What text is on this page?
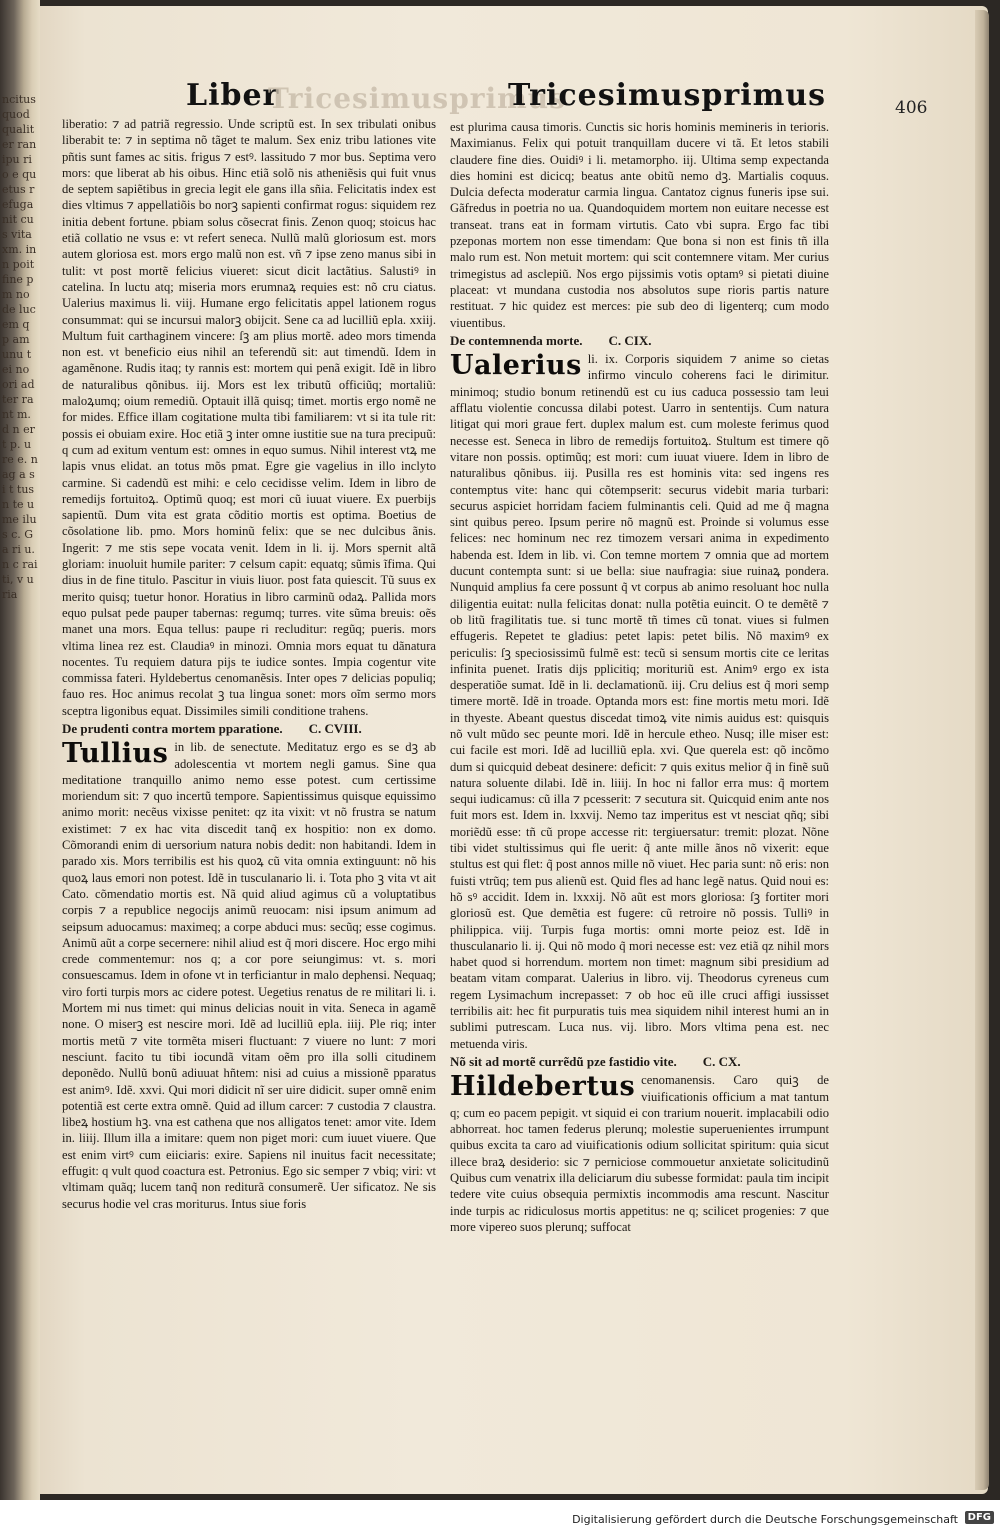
ncitus quod qualiter ranipu rio e quetus refuga nit cus vita xm. in n poit fine pm no de lucem q p am unu t ei no ori ad ter ra nt m. d n ert p. u re e. n ag a s i t tus n te u me ilus c. Ga ri u. n c rai ti, v u ria
Liber
Tricesimusprimus
Tricesimusprimus	406

liberatio: ⁊ ad patriã regressio. Unde scriptũ est. In sex tribulati onibus liberabit te: ⁊ in septima nõ tãget te malum. Sex eniz tribu lationes vite pñtis sunt fames ac sitis. frigus ⁊ estꝰ. lassitudo ⁊ mor bus. Septima vero mors: que liberat ab his oibus. Hinc etiã solõ nis atheniẽsis qui fuit vnus de septem sapiẽtibus in grecia legit ele gans illa sñia. Felicitatis index est dies vltimus ⁊ appellatiõis bo norꝫ sapienti confirmat rogus: siquidem rez initia debent fortune. pbiam solus cõsecrat finis. Zenon quoq; stoicus hac etiã collatio ne vsus e: vt refert seneca. Nullũ malũ gloriosum est. mors autem gloriosa est. mors ergo malũ non est. vñ ⁊ ipse zeno manus sibi in tulit: vt post mortẽ felicius viueret: sicut dicit lactãtius. Salustiꝰ in catelina. In luctu atq; miseria mors erumnaꝝ requies est: nõ cru ciatus. Ualerius maximus li. viij. Humane ergo felicitatis appel lationem rogus consummat: qui se incursui malorꝫ obijcit. Sene ca ad lucilliũ epla. xxiij. Multum fuit carthaginem vincere: ſꝫ am plius mortẽ. adeo mors timenda non est. vt beneficio eius nihil an teferendũ sit: aut timendũ. Idem in agamẽnone. Rudis itaq; ty rannis est: mortem qui penã exigit. Idẽ in libro de naturalibus qõnibus. iij. Mors est lex tributũ officiũq; mortaliũ: maloꝝumq; oium remediũ. Optauit illã quisq; timet. mortis ergo nomẽ ne for mides. Effice illam cogitatione multa tibi familiarem: vt si ita tule rit: possis ei obuiam exire. Hoc etiã ꝫ inter omne iustitie sue na tura precipuũ: q cum ad exitum ventum est: omnes in equo sumus. Nihil interest vtꝝ me lapis vnus elidat. an totus mõs pmat. Egre gie vagelius in illo inclyto carmine. Si cadendũ est mihi: e celo cecidisse velim. Idem in libro de remedijs fortuitoꝝ. Optimũ quoq; est mori cũ iuuat viuere. Ex puerbijs sapientũ. Dum vita est grata cõditio mortis est optima. Boetius de cõsolatione lib. pmo. Mors hominũ felix: que se nec dulcibus ãnis. Ingerit: ⁊ me stis sepe vocata venit. Idem in li. ij. Mors spernit altã gloriam: inuoluit humile pariter: ⁊ celsum capit: equatq; sũmis ĩfima. Qui dius in de fine titulo. Pascitur in viuis liuor. post fata quiescit. Tũ suus ex merito quisq; tuetur honor. Horatius in libro carminũ odaꝝ. Pallida mors equo pulsat pede pauper tabernas: regumq; turres. vite sũma breuis: oẽs manet una mors. Equa tellus: paupe ri recluditur: regũq; pueris. mors vltima linea rez est. Claudiaꝰ in minozi. Omnia mors equat tu dãnatura nocentes. Tu requiem datura pijs te iudice sontes. Impia cogentur vite commissa fateri. Hyldebertus cenomanẽsis. Inter opes ⁊ delicias populiq; fauo res. Hoc animus recolat ꝫ tua lingua sonet: mors oĩm sermo mors sceptra ligonibus equat. Dissimiles simili conditione trahens.

De prudenti contra mortem pparatione. C. CVIII.

Tullius in lib. de senectute. Meditatuz ergo es se dꝫ ab adolescentia vt mortem negli gamus. Sine qua meditatione tranquillo animo nemo esse potest. cum certissime moriendum sit: ⁊ quo incertũ tempore. Sapientissimus quisque equissimo animo morit: necẽus vixisse penitet: qz ita vixit: vt nõ frustra se natum existimet: ⁊ ex hac vita discedit tanq̃ ex hospitio: non ex domo. Cõmorandi enim di uersorium natura nobis dedit: non habitandi. Idem in parado xis. Mors terribilis est his quoꝝ cũ vita omnia extinguunt: nõ his quoꝝ laus emori non potest. Idẽ in tusculanario li. i. Tota pho ꝫ vita vt ait Cato. cõmendatio mortis est. Nã quid aliud agimus cũ a voluptatibus corpis ⁊ a republice negocijs animũ reuocam: nisi ipsum animum ad seipsum aduocamus: maximeq; a corpe abduci mus: secũq; esse cogimus. Animũ aũt a corpe secernere: nihil aliud est q̃ mori discere. Hoc ergo mihi crede commentemur: nos q; a cor pore seiungimus: vt. s. mori consuescamus. Idem in ofone vt in terficiantur in malo dephensi. Nequaq; viro forti turpis mors ac cidere potest. Uegetius renatus de re militari li. i. Mortem mi nus timet: qui minus delicias nouit in vita. Seneca in agamẽ none. O miserꝫ est nescire mori. Idẽ ad lucilliũ epla. iiij. Ple riq; inter mortis metũ ⁊ vite tormẽta miseri fluctuant: ⁊ viuere no lunt: ⁊ mori nesciunt. facito tu tibi iocundã vitam oẽm pro illa solli citudinem deponẽdo. Nullũ bonũ adiuuat hñtem: nisi ad cuius a missionẽ pparatus est animꝰ. Idẽ. xxvi. Qui mori didicit nĩ ser uire didicit. super omnẽ enim potentiã est certe extra omnẽ. Quid ad illum carcer: ⁊ custodia ⁊ claustra. libeꝝ hostium hꝫ. vna est cathena que nos alligatos tenet: amor vite. Idem in. liiij. Illum illa a imitare: quem non piget mori: cum iuuet viuere. Que est enim virtꝰ cum eiiciaris: exire. Sapiens nil inuitus facit necessitate; effugit: q vult quod coactura est. Petronius. Ego sic semper ⁊ vbiq; viri: vt vltimam quãq; lucem tanq̃ non rediturã consumerẽ. Uer sificatoz. Ne sis securus hodie vel cras moriturus. Intus siue foris

est plurima causa timoris. Cunctis sic horis hominis memineris in terioris. Maximianus. Felix qui potuit tranquillam ducere vi tã. Et letos stabili claudere fine dies. Ouidiꝰ i li. metamorpho. iij. Ultima semp expectanda dies homini est dicicq; beatus ante obitũ nemo dꝫ. Martialis coquus. Dulcia defecta moderatur carmia lingua. Cantatoz cignus funeris ipse sui. Gãfredus in poetria no ua. Quandoquidem mortem non euitare necesse est transeat. trans eat in formam virtutis. Cato vbi supra. Ergo fac tibi pzeponas mortem non esse timendam: Que bona si non est finis tñ illa malo rum est. Non metuit mortem: qui scit contemnere vitam. Mer curius trimegistus ad asclepiũ. Nos ergo pijssimis votis optamꝰ si pietati diuine placeat: vt mundana custodia nos absolutos supe rioris partis nature restituat. ⁊ hic quidez est merces: pie sub deo di ligenterq; cum modo viuentibus.

De contemnenda morte. C. CIX.

Ualerius li. ix. Corporis siquidem ⁊ anime so cietas infirmo vinculo coherens faci le dirimitur. minimoq; studio bonum retinendũ est cu ius caduca possessio tam leui afflatu violentie concussa dilabi potest. Uarro in sententijs. Cum natura litigat qui mori graue fert. duplex malum est. cum moleste ferimus quod necesse est. Seneca in libro de remedijs fortuitoꝝ. Stultum est timere qõ vitare non possis. optimũq; est mori: cum iuuat viuere. Idem in libro de naturalibus qõnibus. iij. Pusilla res est hominis vita: sed ingens res contemptus vite: hanc qui cõtempserit: securus videbit maria turbari: securus aspiciet horridam faciem fulminantis celi. Quid ad me q̃ magna sint quibus pereo. Ipsum perire nõ magnũ est. Proinde si volumus esse felices: nec hominum nec rez timozem versari anima in expedimento habenda est. Idem in lib. vi. Con temne mortem ⁊ omnia que ad mortem ducunt contempta sunt: si ue bella: siue naufragia: siue ruinaꝝ pondera. Nunquid amplius fa cere possunt q̃ vt corpus ab animo resoluant hoc nulla diligentia euitat: nulla felicitas donat: nulla potẽtia euincit. O te demẽtẽ ⁊ ob litũ fragilitatis tue. si tunc mortẽ tñ times cũ tonat. viues si fulmen effugeris. Repetet te gladius: petet lapis: petet bilis. Nõ maximꝰ ex periculis: ſꝫ speciosissimũ fulmẽ est: tecũ si sensum mortis cite ce leritas infinita puenet. Iratis dijs pplicitiq; morituriũ est. Animꝰ ergo ex ista desperatiõe sumat. Idẽ in li. declamationũ. iij. Cru delius est q̃ mori semp timere mortẽ. Idẽ in troade. Optanda mors est: fine mortis metu mori. Idẽ in thyeste. Abeant questus discedat timoꝝ vite nimis auidus est: quisquis nõ vult mũdo sec peunte mori. Idẽ in hercule etheo. Nusq; ille miser est: cui facile est mori. Idẽ ad lucilliũ epla. xvi. Que querela est: qõ incõmo dum si quicquid debeat desinere: deficit: ⁊ quis exitus melior q̃ in finẽ suũ natura soluente dilabi. Idẽ in. liiij. In hoc ni fallor erra mus: q̃ mortem sequi iudicamus: cũ illa ⁊ pcesserit: ⁊ secutura sit. Quicquid enim ante nos fuit mors est. Idem in. lxxvij. Nemo taz imperitus est vt nesciat qñq; sibi moriẽdũ esse: tñ cũ prope accesse rit: tergiuersatur: tremit: plozat. Nõne tibi videt stultissimus qui fle uerit: q̃ ante mille ãnos nõ vixerit: eque stultus est qui flet: q̃ post annos mille nõ viuet. Hec paria sunt: nõ eris: non fuisti vtrũq; tem pus alienũ est. Quid fles ad hanc legẽ natus. Quid noui es: hõ sꝰ accidit. Idem in. lxxxij. Nõ aũt est mors gloriosa: ſꝫ fortiter mori gloriosũ est. Que demẽtia est fugere: cũ retroire nõ possis. Tulliꝰ in philippica. viij. Turpis fuga mortis: omni morte peioz est. Idẽ in thusculanario li. ij. Qui nõ modo q̃ mori necesse est: vez etiã qz nihil mors habet quod si horrendum. mortem non timet: magnum sibi presidium ad beatam vitam comparat. Ualerius in libro. vij. Theodorus cyreneus cum regem Lysimachum increpasset: ⁊ ob hoc eũ ille cruci affigi iussisset terribilis ait: hec fit purpuratis tuis mea siquidem nihil interest humi an in sublimi putrescam. Luca nus. vij. libro. Mors vltima pena est. nec metuenda viris.

Nõ sit ad mortẽ currẽdũ pze fastidio vite. C. CX.

Hildebertus cenomanensis. Caro quiꝫ de viuificationis officium a mat tantum q; cum eo pacem pepigit. vt siquid ei con trarium nouerit. implacabili odio abhorreat. hoc tamen federus plerunq; molestie superuenientes irrumpunt quibus excita ta caro ad viuificationis odium sollicitat spiritum: quia sicut illece braꝝ desiderio: sic ⁊ perniciose commouetur anxietate solicitudinũ Quibus cum venatrix illa deliciarum diu subesse formidat: paula tim incipit tedere vite cuius obsequia permixtis incommodis ama rescunt. Nascitur inde turpis ac ridiculosus mortis appetitus: ne q; scilicet progenies: ⁊ que more vipereo suos plerunq; suffocat

Digitalisierung gefördert durch die Deutsche Forschungsgemeinschaft DFG
